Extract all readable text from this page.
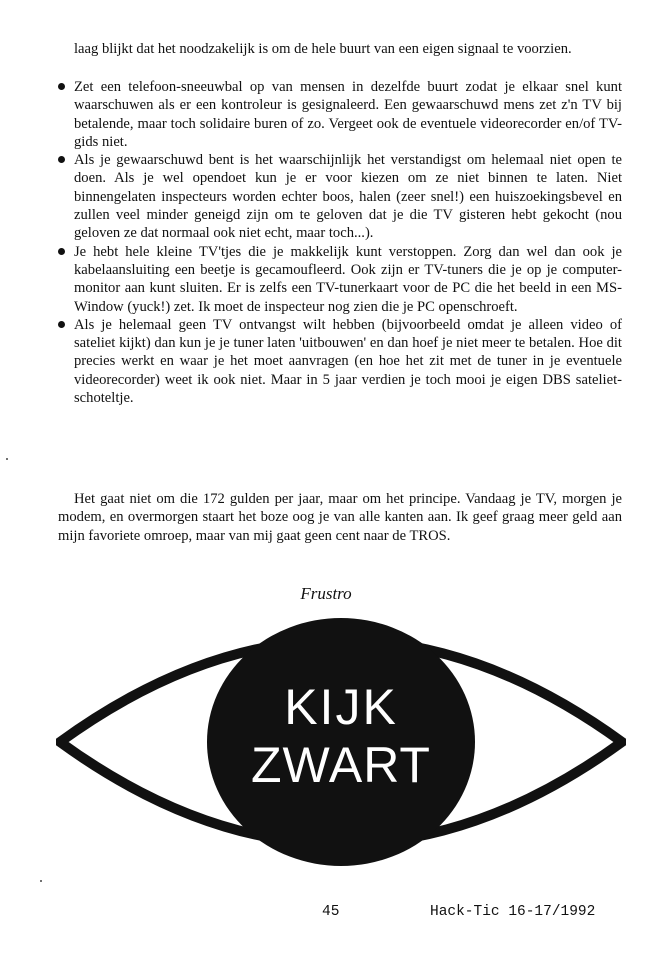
laag blijkt dat het noodzakelijk is om de hele buurt van een eigen signaal te voorzien.

Zet een telefoon-sneeuwbal op van mensen in dezelfde buurt zodat je elkaar snel kunt waarschuwen als er een kontroleur is gesignaleerd. Een gewaarschuwd mens zet z'n TV bij betalende, maar toch solidaire buren of zo. Vergeet ook de eventuele videorecorder en/of TV-gids niet.
Als je gewaarschuwd bent is het waarschijnlijk het verstandigst om helemaal niet open te doen. Als je wel opendoet kun je er voor kiezen om ze niet binnen te laten. Niet binnengelaten inspecteurs worden echter boos, halen (zeer snel!) een huiszoekingsbevel en zullen veel minder geneigd zijn om te geloven dat je die TV gisteren hebt gekocht (nou geloven ze dat normaal ook niet echt, maar toch...).
Je hebt hele kleine TV'tjes die je makkelijk kunt verstoppen. Zorg dan wel dan ook je kabelaansluiting een beetje is gecamoufleerd. Ook zijn er TV-tuners die je op je computer-monitor aan kunt sluiten. Er is zelfs een TV-tunerkaart voor de PC die het beeld in een MS-Window (yuck!) zet. Ik moet de inspecteur nog zien die je PC openschroeft.
Als je helemaal geen TV ontvangst wilt hebben (bijvoorbeeld omdat je alleen video of sateliet kijkt) dan kun je je tuner laten 'uitbouwen' en dan hoef je niet meer te betalen. Hoe dit precies werkt en waar je het moet aanvragen (en hoe het zit met de tuner in je eventuele videorecorder) weet ik ook niet. Maar in 5 jaar verdien je toch mooi je eigen DBS sateliet-schoteltje.

Het gaat niet om die 172 gulden per jaar, maar om het principe. Vandaag je TV, morgen je modem, en overmorgen staart het boze oog je van alle kanten aan. Ik geef graag meer geld aan mijn favoriete omroep, maar van mij gaat geen cent naar de TROS.

Frustro

KIJK
ZWART

45	Hack-Tic 16-17/1992
